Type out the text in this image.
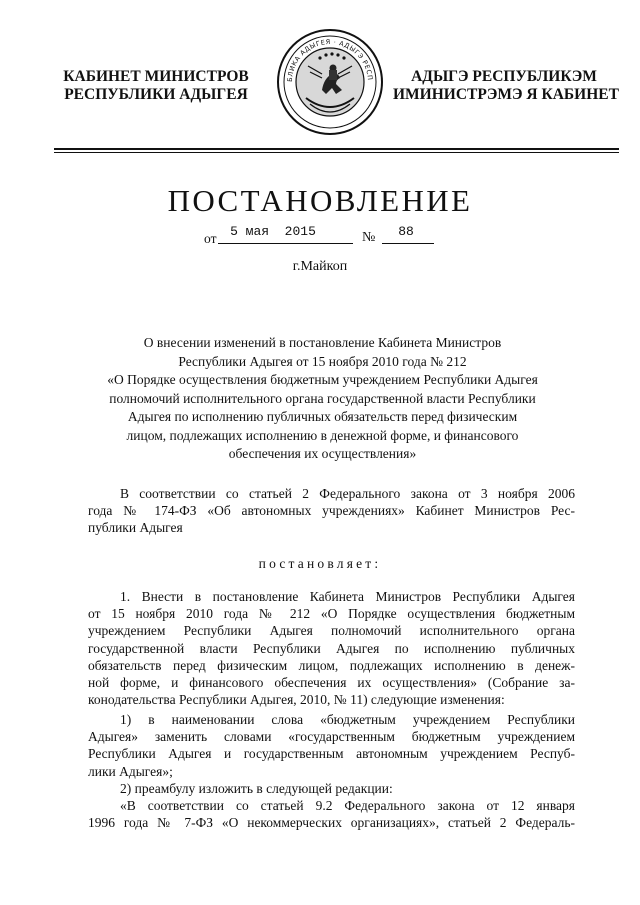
КАБИНЕТ МИНИСТРОВ
РЕСПУБЛИКИ АДЫГЕЯ
БЛИКА АДЫГЕЯ · АДЫГЭ РЕСП	АДЫГЭ РЕСПУБЛИКЭМ
ИМИНИСТРЭМЭ Я КАБИНЕТ
ПОСТАНОВЛЕНИЕ
от	5 мая  2015	№	88
г.Майкоп
О внесении изменений в постановление Кабинета Министров
Республики Адыгея от 15 ноября 2010 года № 212
«О Порядке осуществления бюджетным учреждением Республики Адыгея
полномочий исполнительного органа государственной власти Республики
Адыгея по исполнению публичных обязательств перед физическим
лицом, подлежащих исполнению в денежной форме, и финансового
обеспечения их осуществления»
В соответствии со статьей 2 Федерального закона от 3 ноября 2006
года № 174-ФЗ «Об автономных учреждениях» Кабинет Министров Рес-
публики Адыгея
постановляет:
1. Внести в постановление Кабинета Министров Республики Адыгея
от 15 ноября 2010 года № 212 «О Порядке осуществления бюджетным
учреждением Республики Адыгея полномочий исполнительного органа
государственной власти Республики Адыгея по исполнению публичных
обязательств перед физическим лицом, подлежащих исполнению в денеж-
ной форме, и финансового обеспечения их осуществления» (Собрание за-
конодательства Республики Адыгея, 2010, № 11) следующие изменения:
1) в наименовании слова «бюджетным учреждением Республики
Адыгея» заменить словами «государственным бюджетным учреждением
Республики Адыгея и государственным автономным учреждением Респуб-
лики Адыгея»;
2) преамбулу изложить в следующей редакции:
«В соответствии со статьей 9.2 Федерального закона от 12 января
1996 года № 7-ФЗ «О некоммерческих организациях», статьей 2 Федераль-
